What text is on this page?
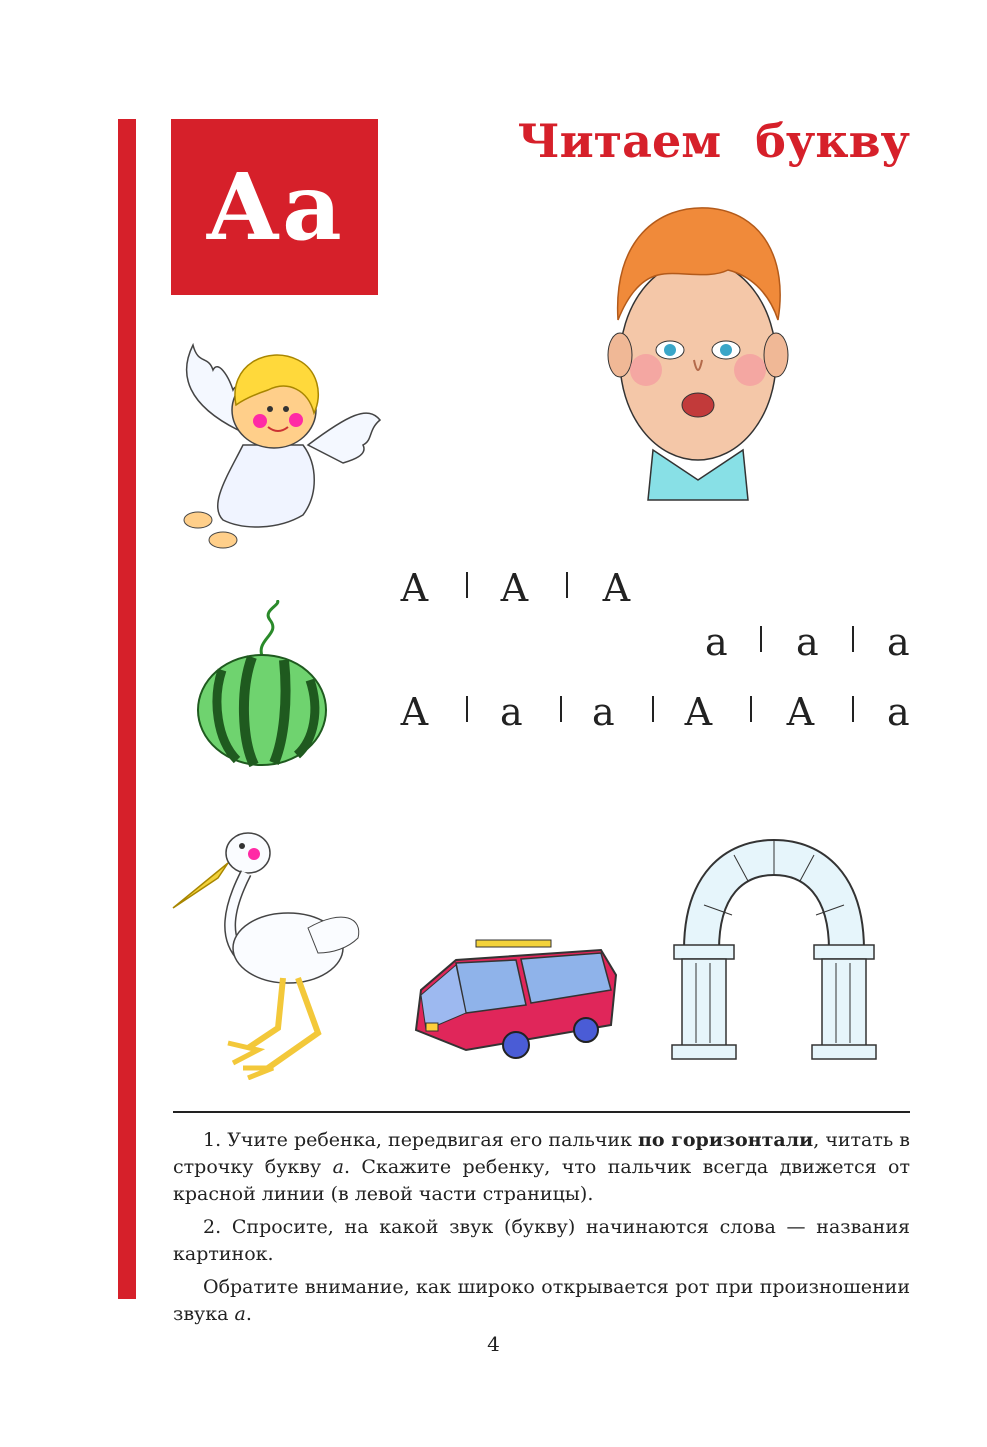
Аа
Читаем букву
А А А
а а а
А а а А А а

1. Учите ребенка, передвигая его пальчик по горизонтали, читать в строчку букву а. Скажите ребенку, что пальчик всегда движется от красной линии (в левой части страницы).

2. Спросите, на какой звук (букву) начинаются слова — названия картинок.

Обратите внимание, как широко открывается рот при произношении звука а.

4
